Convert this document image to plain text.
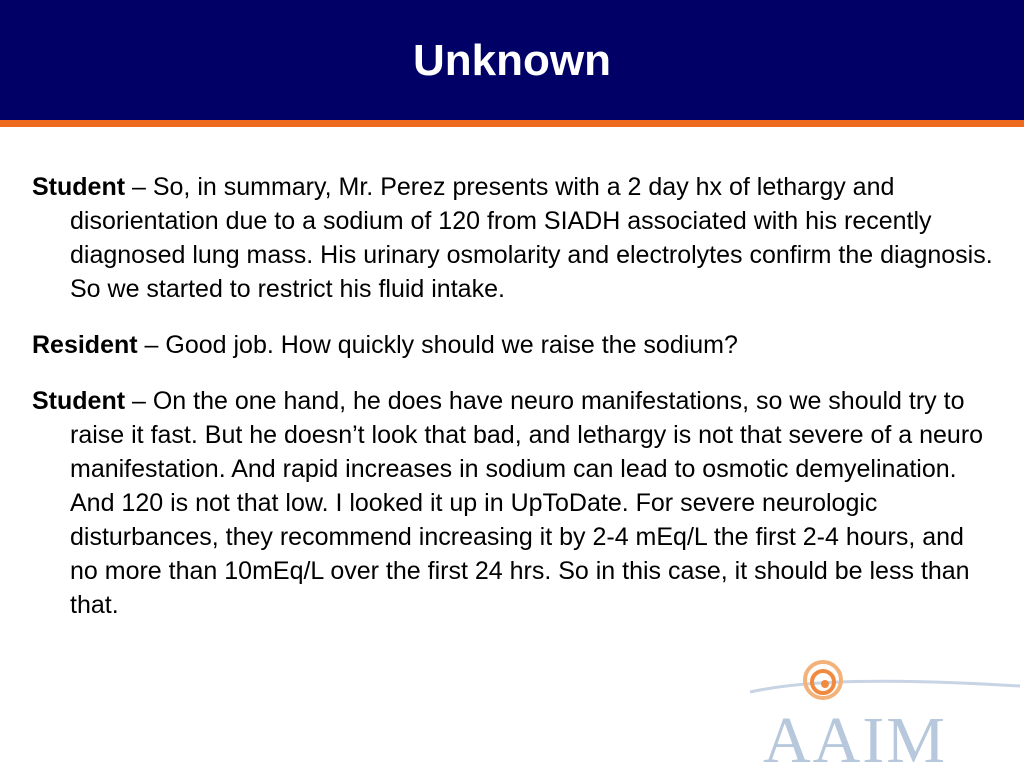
Unknown

Student – So, in summary, Mr. Perez presents with a 2 day hx of lethargy and disorientation due to a sodium of 120 from SIADH associated with his recently diagnosed lung mass. His urinary osmolarity and electrolytes confirm the diagnosis. So we started to restrict his fluid intake.

Resident – Good job. How quickly should we raise the sodium?

Student – On the one hand, he does have neuro manifestations, so we should try to raise it fast. But he doesn’t look that bad, and lethargy is not that severe of a neuro manifestation. And rapid increases in sodium can lead to osmotic demyelination. And 120 is not that low. I looked it up in UpToDate. For severe neurologic disturbances, they recommend increasing it by 2-4 mEq/L the first 2-4 hours, and no more than 10mEq/L over the first 24 hrs. So in this case, it should be less than that.

AAIM
